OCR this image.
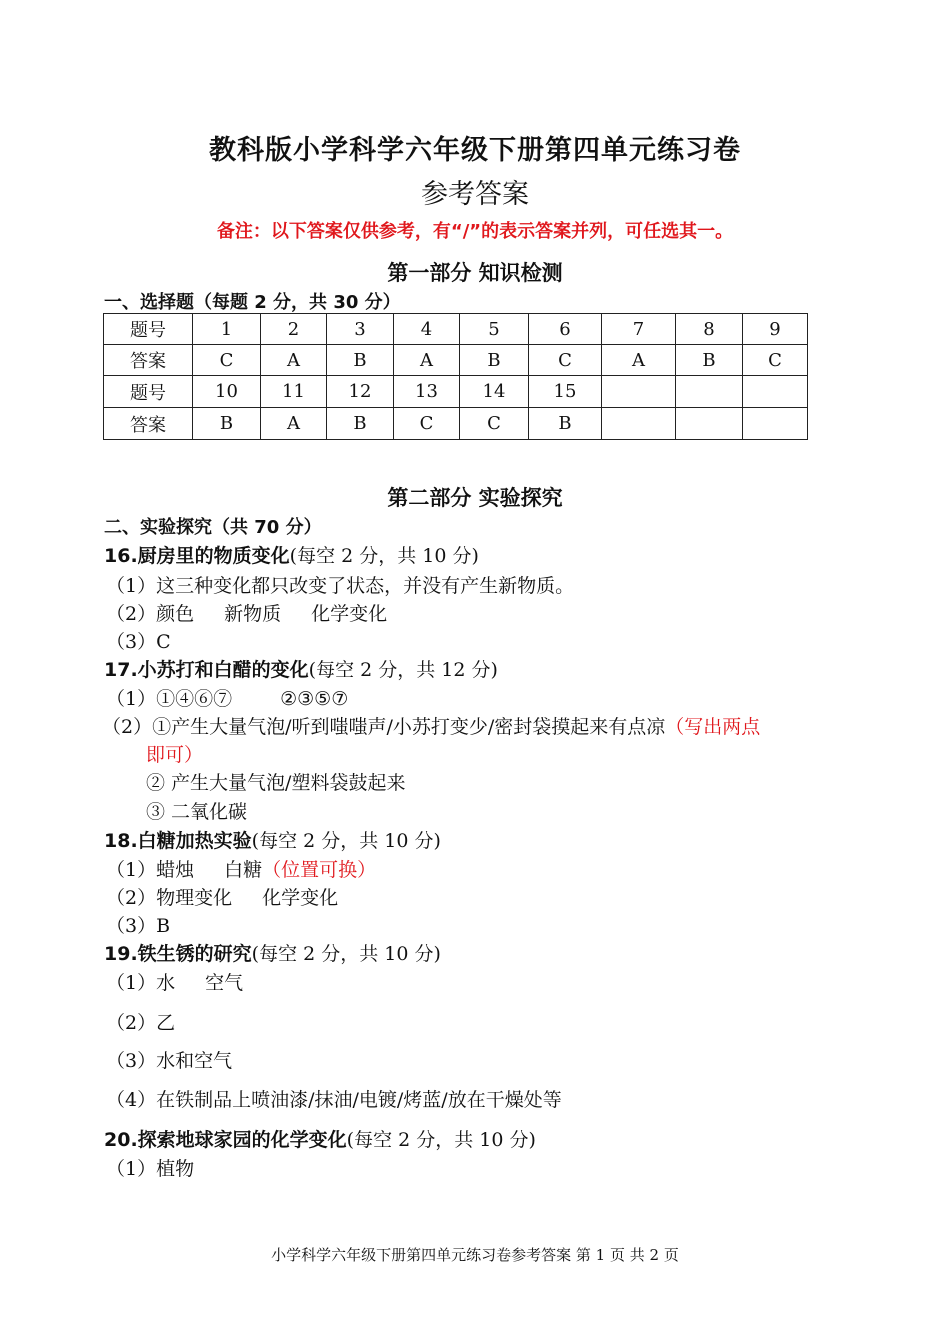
教科版小学科学六年级下册第四单元练习卷
参考答案
备注：以下答案仅供参考，有“/”的表示答案并列，可任选其一。
第一部分 知识检测
一、选择题（每题 2 分，共 30 分）
题号	1	2	3	4	5	6	7	8	9
答案	C	A	B	A	B	C	A	B	C
题号	10	11	12	13	14	15			
答案	B	A	B	C	C	B			
第二部分 实验探究
二、实验探究（共 70 分）
16.厨房里的物质变化(每空 2 分，共 10 分)
（1）这三种变化都只改变了状态，并没有产生新物质。
（2）颜色 新物质 化学变化
（3）C
17.小苏打和白醋的变化(每空 2 分，共 12 分)
（1）①④⑥⑦	②③⑤⑦
（2）①产生大量气泡/听到嗤嗤声/小苏打变少/密封袋摸起来有点凉（写出两点
即可）
② 产生大量气泡/塑料袋鼓起来
③ 二氧化碳
18.白糖加热实验(每空 2 分，共 10 分)
（1）蜡烛 白糖（位置可换）
（2）物理变化 化学变化
（3）B
19.铁生锈的研究(每空 2 分，共 10 分)
（1）水 空气
（2）乙
（3）水和空气
（4）在铁制品上喷油漆/抹油/电镀/烤蓝/放在干燥处等
20.探索地球家园的化学变化(每空 2 分，共 10 分)
（1）植物
小学科学六年级下册第四单元练习卷参考答案 第 1 页 共 2 页
